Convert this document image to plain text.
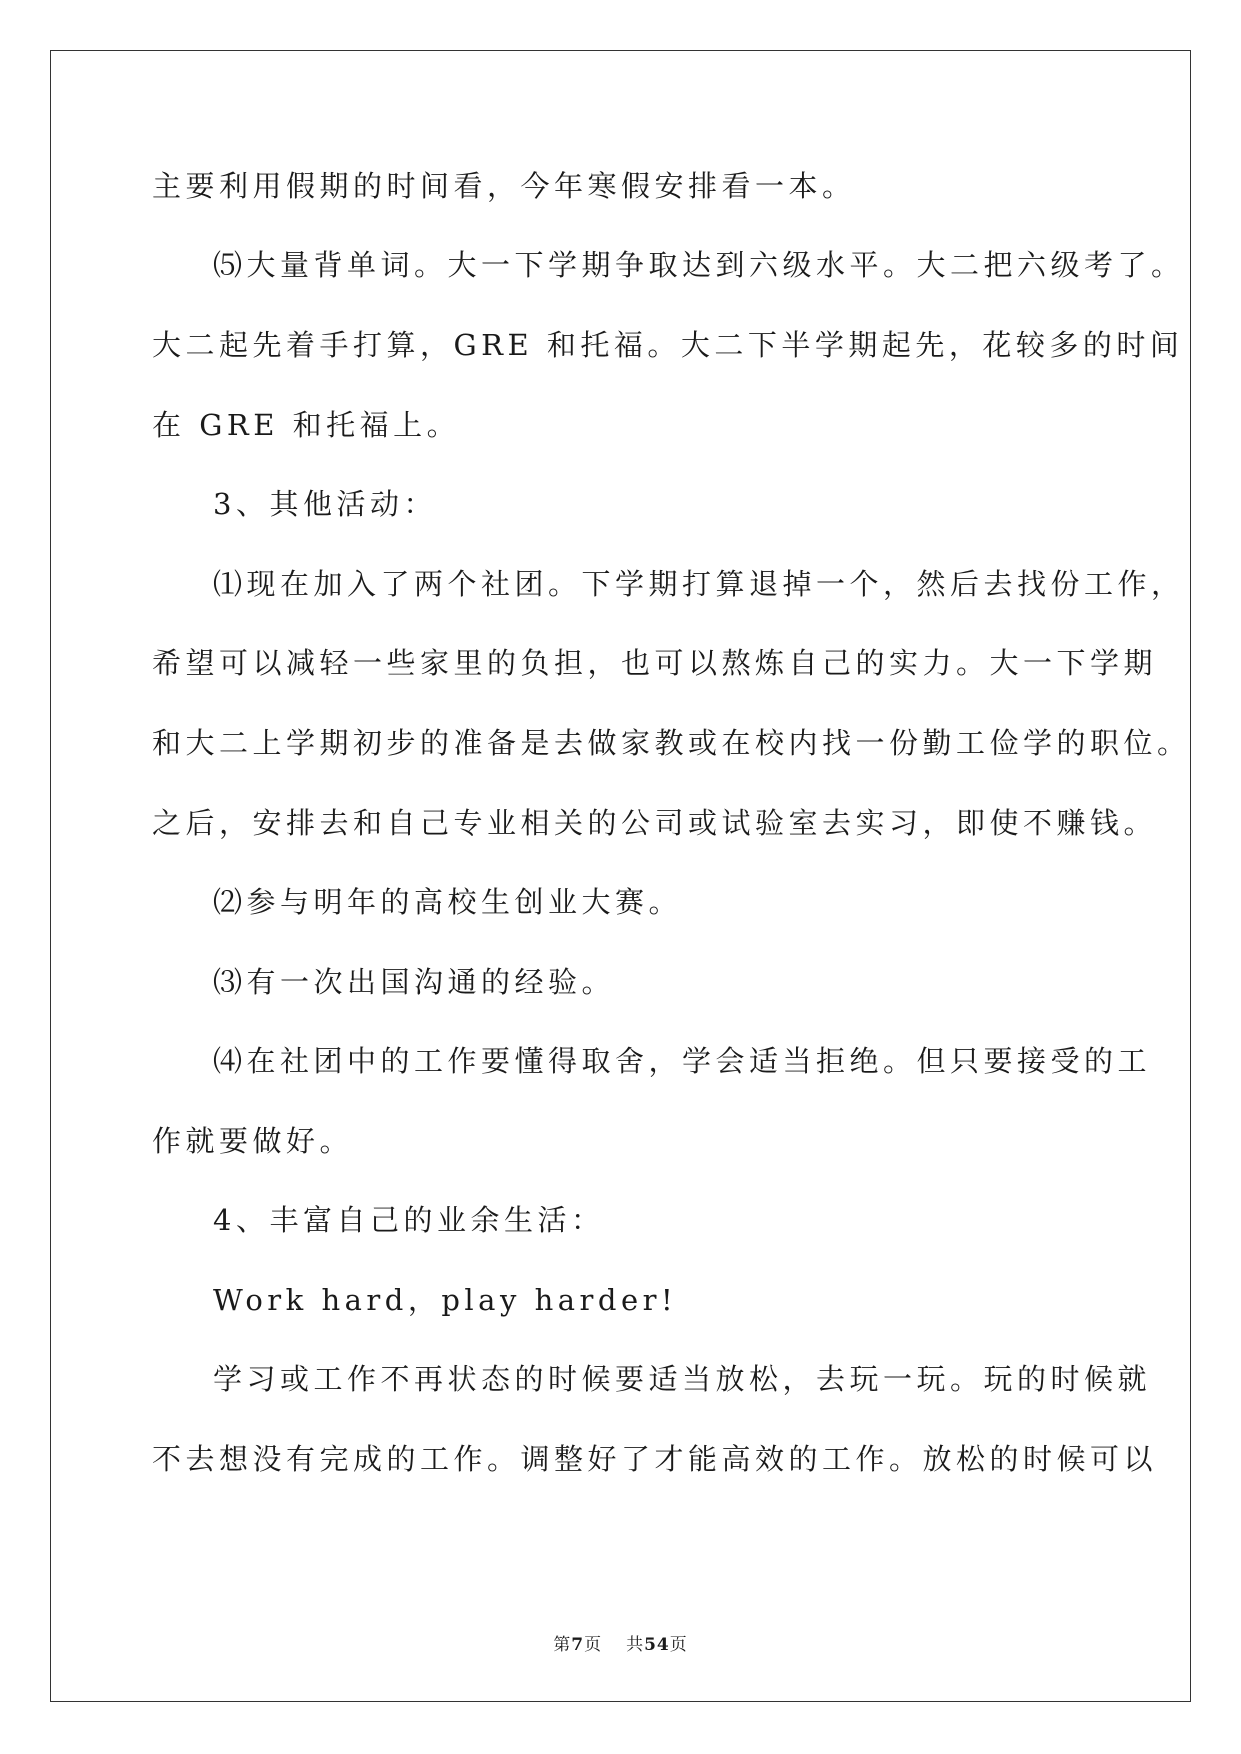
主要利用假期的时间看，今年寒假安排看一本。
⑸大量背单词。大一下学期争取达到六级水平。大二把六级考了。
大二起先着手打算，GRE 和托福。大二下半学期起先，花较多的时间
在 GRE 和托福上。
3、其他活动：
⑴现在加入了两个社团。下学期打算退掉一个，然后去找份工作，
希望可以减轻一些家里的负担，也可以熬炼自己的实力。大一下学期
和大二上学期初步的准备是去做家教或在校内找一份勤工俭学的职位。
之后，安排去和自己专业相关的公司或试验室去实习，即使不赚钱。
⑵参与明年的高校生创业大赛。
⑶有一次出国沟通的经验。
⑷在社团中的工作要懂得取舍，学会适当拒绝。但只要接受的工
作就要做好。
4、丰富自己的业余生活：
Work hard，play harder!
学习或工作不再状态的时候要适当放松，去玩一玩。玩的时候就
不去想没有完成的工作。调整好了才能高效的工作。放松的时候可以
第7页 共54页
